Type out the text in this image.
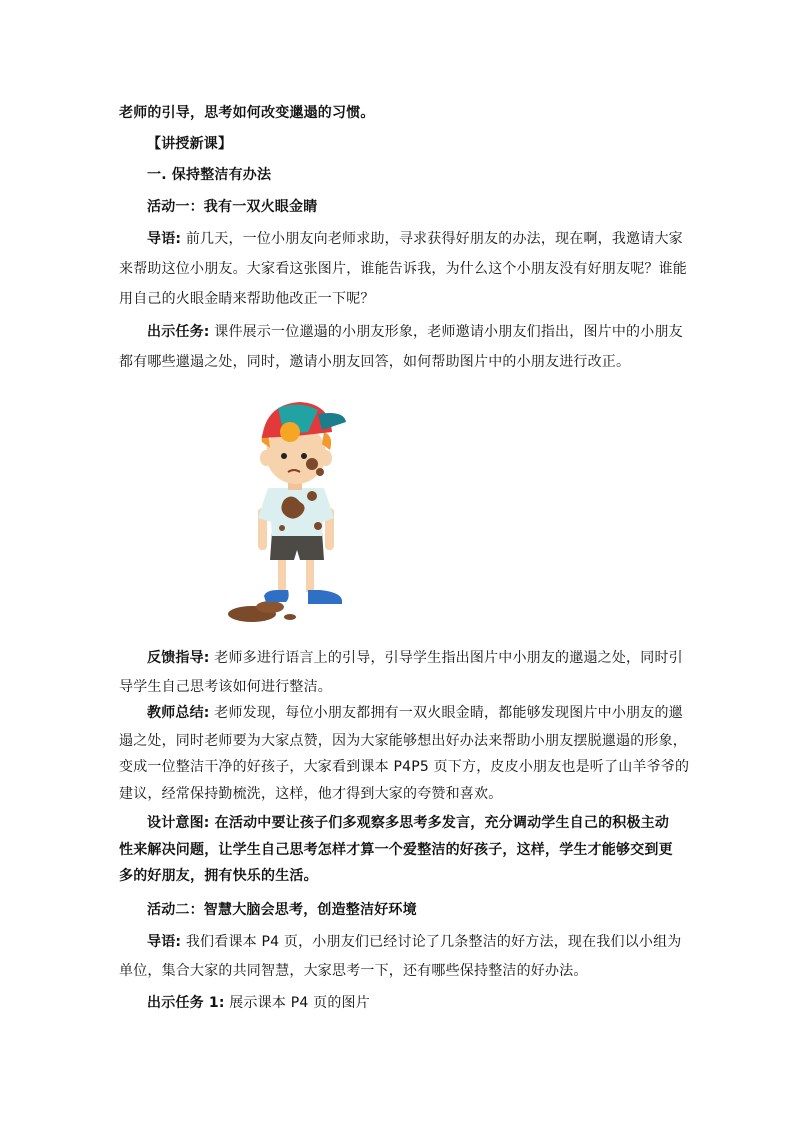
老师的引导，思考如何改变邋遢的习惯。
【讲授新课】
一. 保持整洁有办法
活动一：我有一双火眼金睛
导语: 前几天，一位小朋友向老师求助，寻求获得好朋友的办法，现在啊，我邀请大家
来帮助这位小朋友。大家看这张图片，谁能告诉我，为什么这个小朋友没有好朋友呢？谁能
用自己的火眼金睛来帮助他改正一下呢？
出示任务: 课件展示一位邋遢的小朋友形象，老师邀请小朋友们指出，图片中的小朋友
都有哪些邋遢之处，同时，邀请小朋友回答，如何帮助图片中的小朋友进行改正。
反馈指导: 老师多进行语言上的引导，引导学生指出图片中小朋友的邋遢之处，同时引
导学生自己思考该如何进行整洁。
教师总结: 老师发现，每位小朋友都拥有一双火眼金睛，都能够发现图片中小朋友的邋
遢之处，同时老师要为大家点赞，因为大家能够想出好办法来帮助小朋友摆脱邋遢的形象，
变成一位整洁干净的好孩子，大家看到课本 P4P5 页下方，皮皮小朋友也是听了山羊爷爷的
建议，经常保持勤梳洗，这样，他才得到大家的夸赞和喜欢。
设计意图: 在活动中要让孩子们多观察多思考多发言，充分调动学生自己的积极主动
性来解决问题，让学生自己思考怎样才算一个爱整洁的好孩子，这样，学生才能够交到更
多的好朋友，拥有快乐的生活。
活动二：智慧大脑会思考，创造整洁好环境
导语: 我们看课本 P4 页，小朋友们已经讨论了几条整洁的好方法，现在我们以小组为
单位，集合大家的共同智慧，大家思考一下，还有哪些保持整洁的好办法。
出示任务 1: 展示课本 P4 页的图片
